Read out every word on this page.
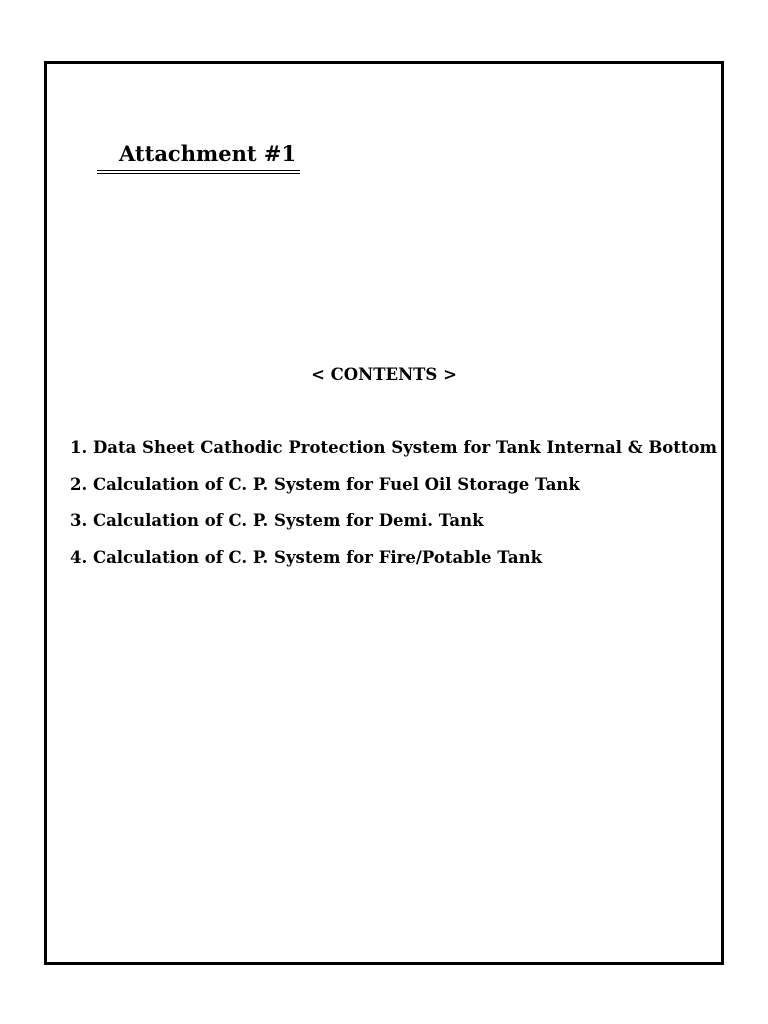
Attachment #1
< CONTENTS >
1. Data Sheet Cathodic Protection System for Tank Internal & Bottom
2. Calculation of C. P. System for Fuel Oil Storage Tank
3. Calculation of C. P. System for Demi. Tank
4. Calculation of C. P. System for Fire/Potable Tank
